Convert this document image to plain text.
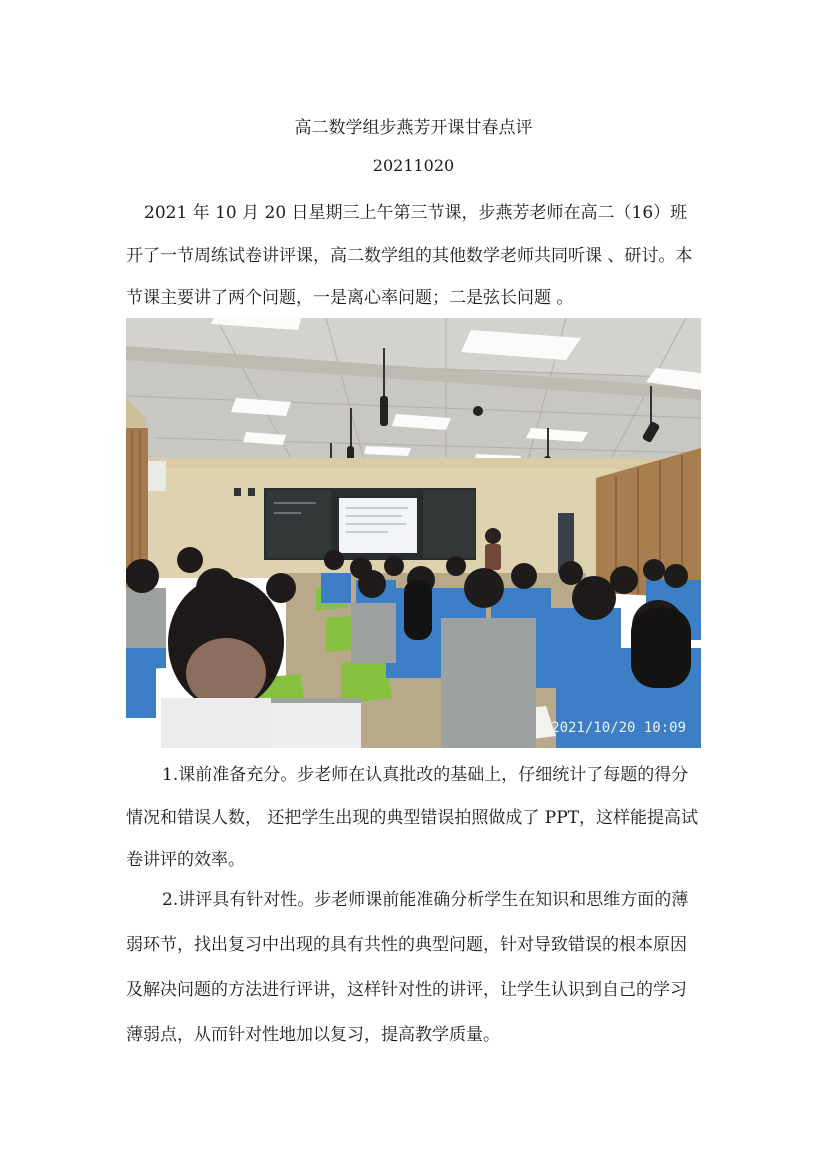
高二数学组步燕芳开课甘春点评
20211020
2021 年 10 月 20 日星期三上午第三节课，步燕芳老师在高二（16）班开了一节周练试卷讲评课，高二数学组的其他数学老师共同听课 、研讨。本节课主要讲了两个问题，一是离心率问题；二是弦长问题 。
2021/10/20 10:09
1.课前准备充分。步老师在认真批改的基础上，仔细统计了每题的得分情况和错误人数， 还把学生出现的典型错误拍照做成了 PPT，这样能提高试卷讲评的效率。
2.讲评具有针对性。步老师课前能准确分析学生在知识和思维方面的薄弱环节，找出复习中出现的具有共性的典型问题，针对导致错误的根本原因及解决问题的方法进行评讲，这样针对性的讲评，让学生认识到自己的学习薄弱点，从而针对性地加以复习，提高教学质量。
